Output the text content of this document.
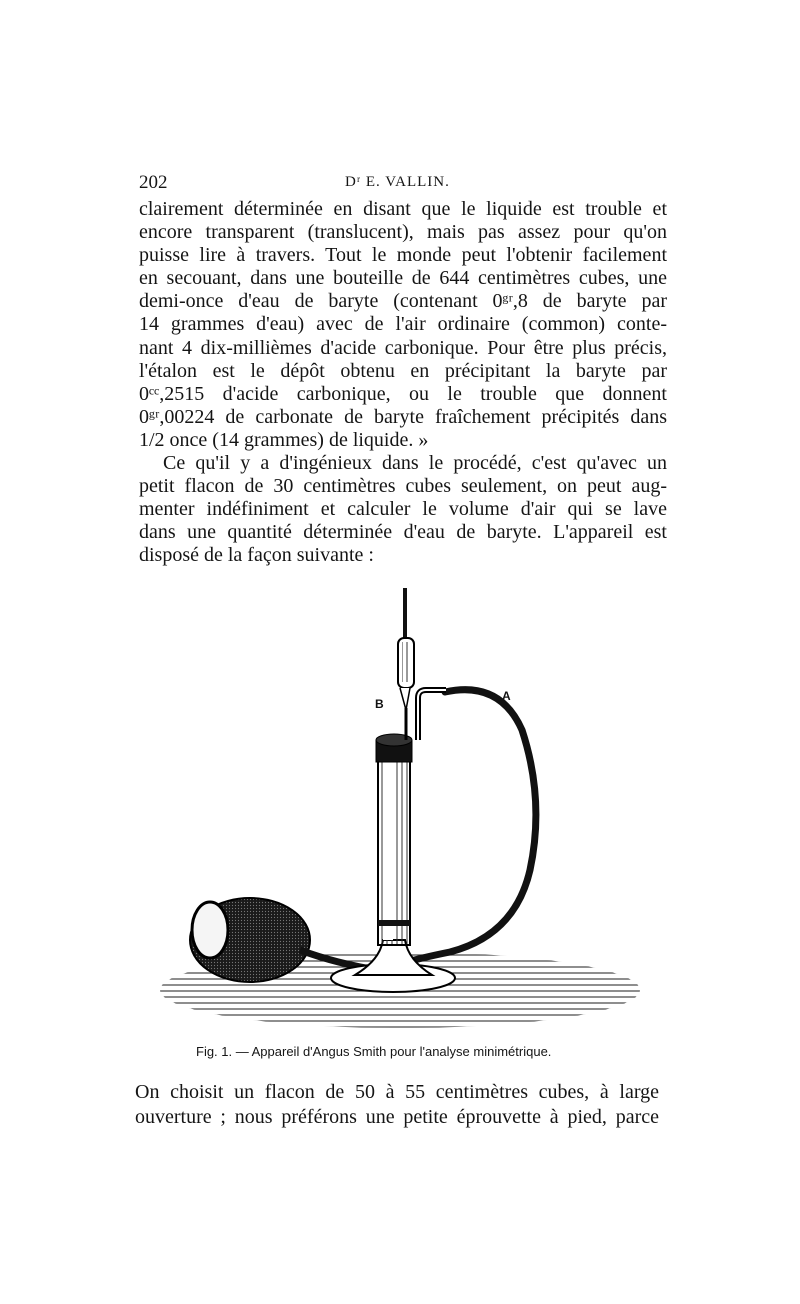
202	Dʳ E. VALLIN.
clairement déterminée en disant que le liquide est trouble et
encore transparent (translucent), mais pas assez pour qu'on
puisse lire à travers. Tout le monde peut l'obtenir facilement
en secouant, dans une bouteille de 644 centimètres cubes, une
demi-once d'eau de baryte (contenant 0ᵍʳ,8 de baryte par
14 grammes d'eau) avec de l'air ordinaire (common) conte-
nant 4 dix-millièmes d'acide carbonique. Pour être plus précis,
l'étalon est le dépôt obtenu en précipitant la baryte par
0ᶜᶜ,2515 d'acide carbonique, ou le trouble que donnent
0ᵍʳ,00224 de carbonate de baryte fraîchement précipités dans
1/2 once (14 grammes) de liquide. »
Ce qu'il y a d'ingénieux dans le procédé, c'est qu'avec un
petit flacon de 30 centimètres cubes seulement, on peut aug-
menter indéfiniment et calculer le volume d'air qui se lave
dans une quantité déterminée d'eau de baryte. L'appareil est
disposé de la façon suivante :
B
A
Fig. 1. — Appareil d'Angus Smith pour l'analyse minimétrique.
On choisit un flacon de 50 à 55 centimètres cubes, à large
ouverture ; nous préférons une petite éprouvette à pied, parce
